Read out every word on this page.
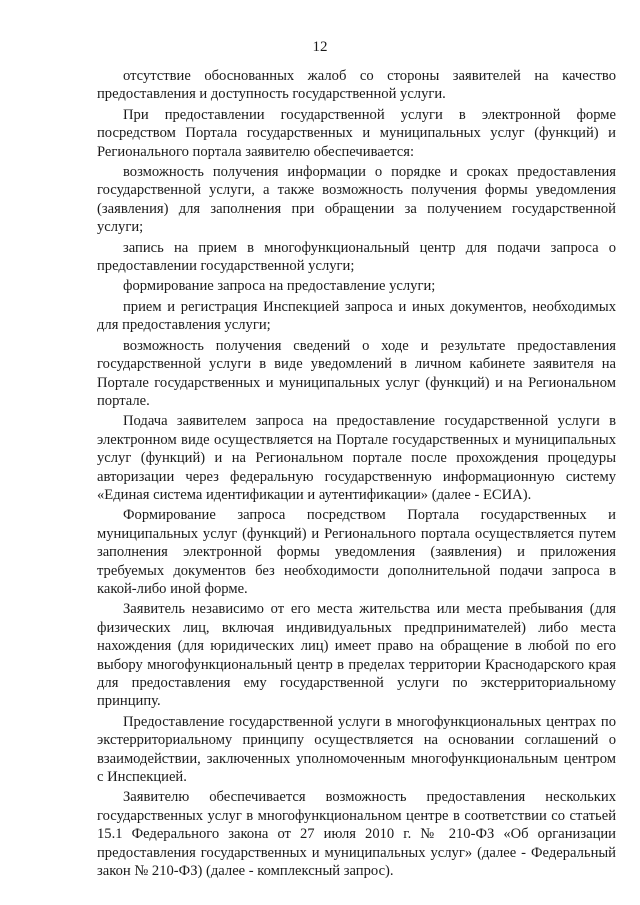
12

отсутствие обоснованных жалоб со стороны заявителей на качество предоставления и доступность государственной услуги.

При предоставлении государственной услуги в электронной форме посредством Портала государственных и муниципальных услуг (функций) и Регионального портала заявителю обеспечивается:

возможность получения информации о порядке и сроках предоставления государственной услуги, а также возможность получения формы уведомления (заявления) для заполнения при обращении за получением государственной услуги;

запись на прием в многофункциональный центр для подачи запроса о предоставлении государственной услуги;

формирование запроса на предоставление услуги;

прием и регистрация Инспекцией запроса и иных документов, необходимых для предоставления услуги;

возможность получения сведений о ходе и результате предоставления государственной услуги в виде уведомлений в личном кабинете заявителя на Портале государственных и муниципальных услуг (функций) и на Региональном портале.

Подача заявителем запроса на предоставление государственной услуги в электронном виде осуществляется на Портале государственных и муниципальных услуг (функций) и на Региональном портале после прохождения процедуры авторизации через федеральную государственную информационную систему «Единая система идентификации и аутентификации» (далее - ЕСИА).

Формирование запроса посредством Портала государственных и муниципальных услуг (функций) и Регионального портала осуществляется путем заполнения электронной формы уведомления (заявления) и приложения требуемых документов без необходимости дополнительной подачи запроса в какой-либо иной форме.

Заявитель независимо от его места жительства или места пребывания (для физических лиц, включая индивидуальных предпринимателей) либо места нахождения (для юридических лиц) имеет право на обращение в любой по его выбору многофункциональный центр в пределах территории Краснодарского края для предоставления ему государственной услуги по экстерриториальному принципу.

Предоставление государственной услуги в многофункциональных центрах по экстерриториальному принципу осуществляется на основании соглашений о взаимодействии, заключенных уполномоченным многофункциональным центром с Инспекцией.

Заявителю обеспечивается возможность предоставления нескольких государственных услуг в многофункциональном центре в соответствии со статьей 15.1 Федерального закона от 27 июля 2010 г. № 210-ФЗ «Об организации предоставления государственных и муниципальных услуг» (далее - Федеральный закон № 210-ФЗ) (далее - комплексный запрос).
